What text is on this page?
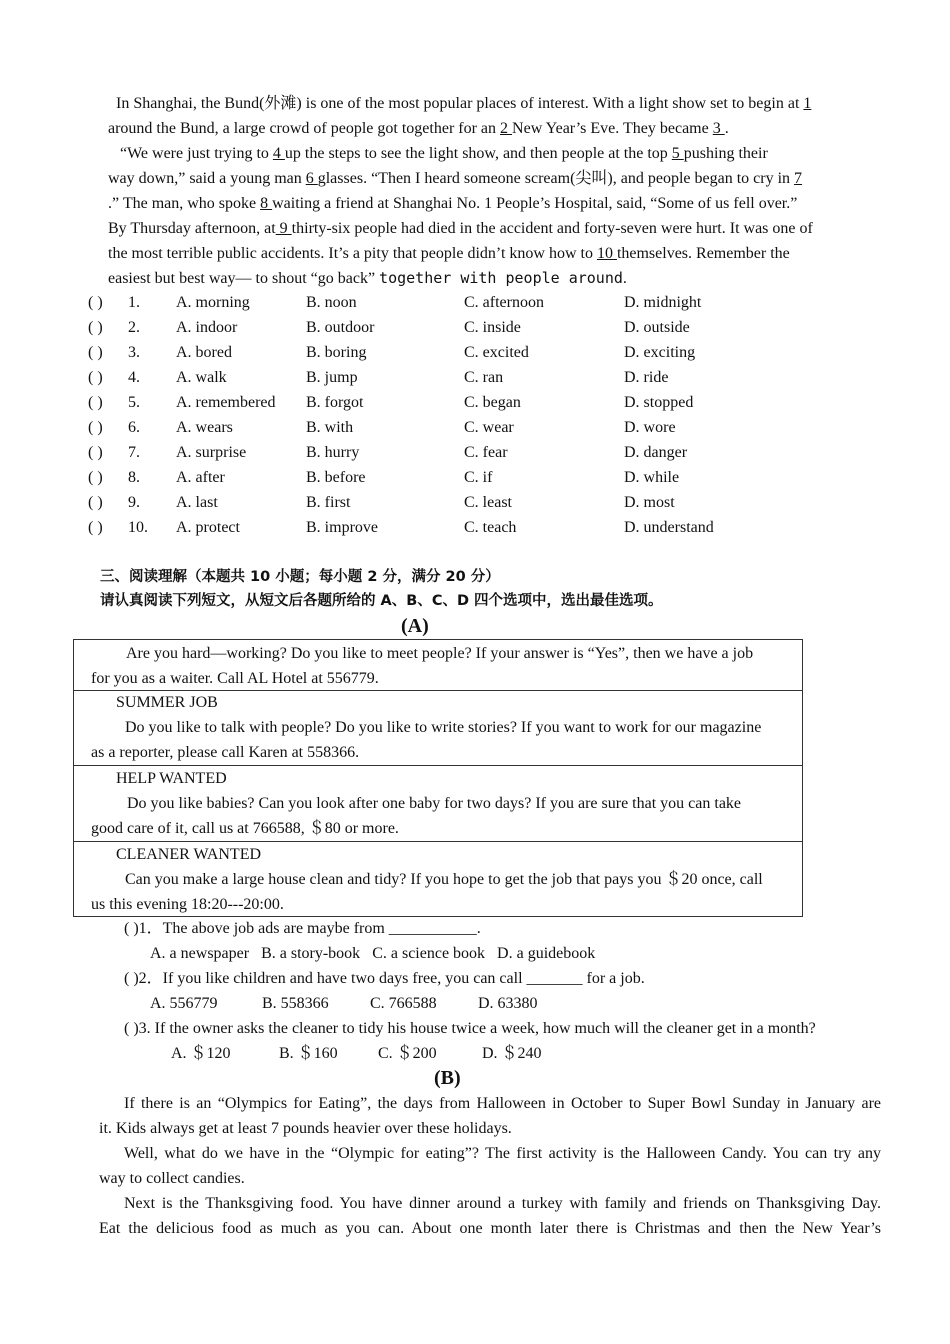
In Shanghai, the Bund(外滩) is one of the most popular places of interest. With a light show set to begin at 1
around the Bund, a large crowd of people got together for an 2 New Year’s Eve. They became 3 .
“We were just trying to 4 up the steps to see the light show, and then people at the top 5 pushing their
way down,” said a young man 6 glasses. “Then I heard someone scream(尖叫), and people began to cry in 7
.” The man, who spoke 8 waiting a friend at Shanghai No. 1 People’s Hospital, said, “Some of us fell over.”
By Thursday afternoon, at 9 thirty-six people had died in the accident and forty-seven were hurt. It was one of
the most terrible public accidents. It’s a pity that people didn’t know how to 10 themselves. Remember the
easiest but best way— to shout “go back” together with people around.
( )	1.	A. morning	B. noon	C. afternoon	D. midnight
( )	2.	A. indoor	B. outdoor	C. inside	D. outside
( )	3.	A. bored	B. boring	C. excited	D. exciting
( )	4.	A. walk	B. jump	C. ran	D. ride
( )	5.	A. remembered	B. forgot	C. began	D. stopped
( )	6.	A. wears	B. with	C. wear	D. wore
( )	7.	A. surprise	B. hurry	C. fear	D. danger
( )	8.	A. after	B. before	C. if	D. while
( )	9.	A. last	B. first	C. least	D. most
( )	10.	A. protect	B. improve	C. teach	D. understand
三、阅读理解（本题共 10 小题；每小题 2 分，满分 20 分）
请认真阅读下列短文，从短文后各题所给的 A、B、C、D 四个选项中，选出最佳选项。
(A)
Are you hard—working? Do you like to meet people? If your answer is “Yes”, then we have a job
for you as a waiter. Call AL Hotel at 556779.
SUMMER JOB
Do you like to talk with people? Do you like to write stories? If you want to work for our magazine
as a reporter, please call Karen at 558366.
HELP WANTED
Do you like babies? Can you look after one baby for two days? If you are sure that you can take
good care of it, call us at 766588, ＄80 or more.
CLEANER WANTED
Can you make a large house clean and tidy? If you hope to get the job that pays you ＄20 once, call
us this evening 18:20---20:00.
( )1．The above job ads are maybe from ___________.
A. a newspaper B. a story-book C. a science book D. a guidebook
( )2．If you like children and have two days free, you can call _______ for a job.
A. 556779	B. 558366	C. 766588	D. 63380
( )3. If the owner asks the cleaner to tidy his house twice a week, how much will the cleaner get in a month?
A. ＄120	B. ＄160	C. ＄200	D. ＄240
(B)
If there is an “Olympics for Eating”, the days from Halloween in October to Super Bowl Sunday in January are
it. Kids always get at least 7 pounds heavier over these holidays.
Well, what do we have in the “Olympic for eating”? The first activity is the Halloween Candy. You can try any
way to collect candies.
Next is the Thanksgiving food. You have dinner around a turkey with family and friends on Thanksgiving Day.
Eat the delicious food as much as you can. About one month later there is Christmas and then the New Year’s
